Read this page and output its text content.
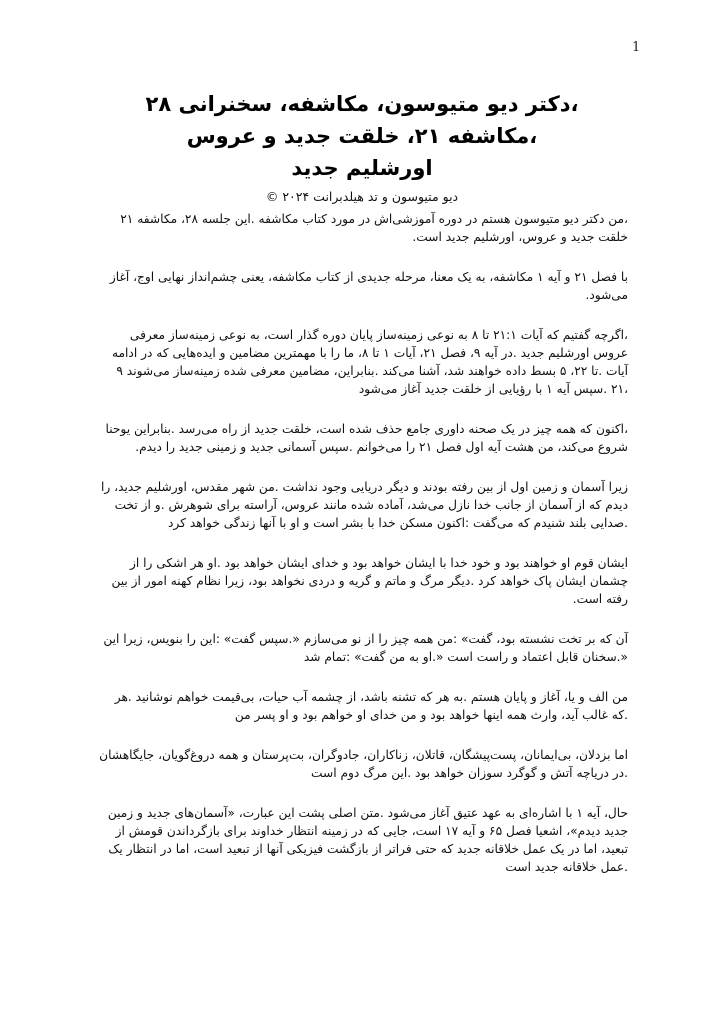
1
،دکتر دیو متیوسون، مکاشفه، سخنرانی ۲۸
،مکاشفه ۲۱، خلقت جدید و عروس
اورشلیم جدید
دیو متیوسون و تد هیلدبرانت ۲۰۲۴ ©

،من دکتر دیو متیوسون هستم در دوره آموزشی‌اش در مورد کتاب مکاشفه .این جلسه ۲۸، مکاشفه ۲۱ خلقت جدید و عروس، اورشلیم جدید است.

با فصل ۲۱ و آیه ۱ مکاشفه، به یک معنا، مرحله جدیدی از کتاب مکاشفه، یعنی چشم‌انداز نهایی اوج، آغاز می‌شود.

،اگرچه گفتیم که آیات ۲۱:۱ تا ۸ به نوعی زمینه‌ساز پایان دوره گذار است، به نوعی زمینه‌ساز معرفی عروس اورشلیم جدید .در آیه ۹، فصل ۲۱، آیات ۱ تا ۸، ما را با مهمترین مضامین و ایده‌هایی که در ادامه آیات .تا ۲۲، ۵ بسط داده خواهند شد، آشنا می‌کند .بنابراین، مضامین معرفی شده زمینه‌ساز می‌شوند ۹ ،۲۱ .سپس آیه ۱ با رؤیایی از خلقت جدید آغاز می‌شود

،اکنون که همه چیز در یک صحنه داوری جامع حذف شده است، خلقت جدید از راه می‌رسد .بنابراین یوحنا شروع می‌کند، من هشت آیه اول فصل ۲۱ را می‌خوانم .سپس آسمانی جدید و زمینی جدید را دیدم.

زیرا آسمان و زمین اول از بین رفته بودند و دیگر دریایی وجود نداشت .من شهر مقدس، اورشلیم جدید، را دیدم که از آسمان از جانب خدا نازل می‌شد، آماده شده مانند عروس، آراسته برای شوهرش .و از تخت .صدایی بلند شنیدم که می‌گفت :اکنون مسکن خدا با بشر است و او با آنها زندگی خواهد کرد

ایشان قوم او خواهند بود و خود خدا با ایشان خواهد بود و خدای ایشان خواهد بود .او هر اشکی را از چشمان ایشان پاک خواهد کرد .دیگر مرگ و ماتم و گریه و دردی نخواهد بود، زیرا نظام کهنه امور از بین رفته است.

آن که بر تخت نشسته بود، گفت» :من همه چیز را از نو می‌سازم «.سپس گفت» :این را بنویس، زیرا این «.سخنان قابل اعتماد و راست است «.او به من گفت» :تمام شد

من الف و یا، آغاز و پایان هستم .به هر که تشنه باشد، از چشمه آب حیات، بی‌قیمت خواهم نوشانید .هر .که غالب آید، وارث همه اینها خواهد بود و من خدای او خواهم بود و او پسر من

اما بزدلان، بی‌ایمانان، پست‌پیشگان، قاتلان، زناکاران، جادوگران، بت‌پرستان و همه دروغ‌گویان، جایگاهشان .در دریاچه آتش و گوگرد سوزان خواهد بود .این مرگ دوم است

حال، آیه ۱ با اشاره‌ای به عهد عتیق آغاز می‌شود .متن اصلی پشت این عبارت، «آسمان‌های جدید و زمین جدید دیدم»، اشعیا فصل ۶۵ و آیه ۱۷ است، جایی که در زمینه انتظار خداوند برای بازگرداندن قومش از تبعید، اما در یک عمل خلاقانه جدید که حتی فراتر از بازگشت فیزیکی آنها از تبعید است، اما در انتظار یک .عمل خلاقانه جدید است
